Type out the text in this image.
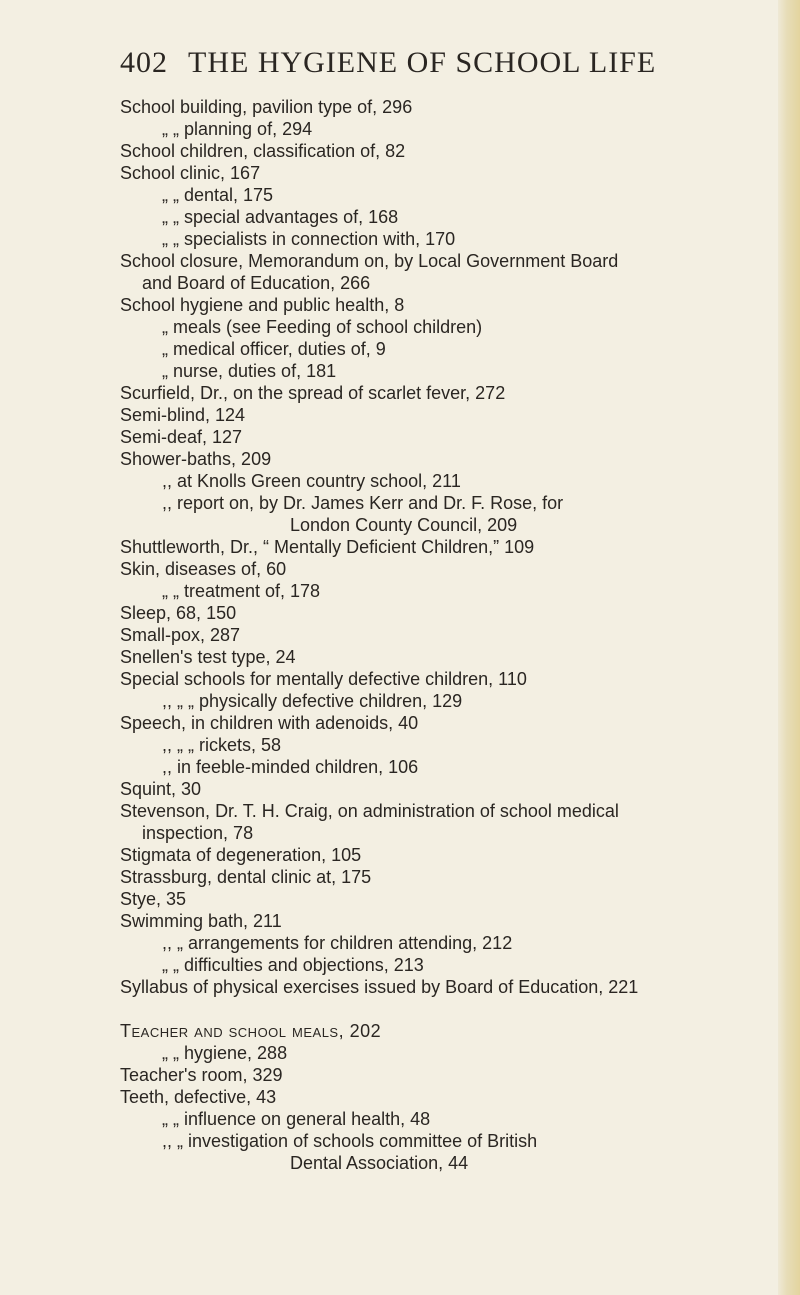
402 THE HYGIENE OF SCHOOL LIFE
School building, pavilion type of, 296
„ „ planning of, 294
School children, classification of, 82
School clinic, 167
„ „ dental, 175
„ „ special advantages of, 168
„ „ specialists in connection with, 170
School closure, Memorandum on, by Local Government Board
and Board of Education, 266
School hygiene and public health, 8
„ meals (see Feeding of school children)
„ medical officer, duties of, 9
„ nurse, duties of, 181
Scurfield, Dr., on the spread of scarlet fever, 272
Semi-blind, 124
Semi-deaf, 127
Shower-baths, 209
,, at Knolls Green country school, 211
,, report on, by Dr. James Kerr and Dr. F. Rose, for
London County Council, 209
Shuttleworth, Dr., “ Mentally Deficient Children,” 109
Skin, diseases of, 60
„ „ treatment of, 178
Sleep, 68, 150
Small-pox, 287
Snellen's test type, 24
Special schools for mentally defective children, 110
,, „ „ physically defective children, 129
Speech, in children with adenoids, 40
,, „ „ rickets, 58
,, in feeble-minded children, 106
Squint, 30
Stevenson, Dr. T. H. Craig, on administration of school medical
inspection, 78
Stigmata of degeneration, 105
Strassburg, dental clinic at, 175
Stye, 35
Swimming bath, 211
,, „ arrangements for children attending, 212
„ „ difficulties and objections, 213
Syllabus of physical exercises issued by Board of Education, 221
Teacher and school meals, 202
„ „ hygiene, 288
Teacher's room, 329
Teeth, defective, 43
„ „ influence on general health, 48
,, „ investigation of schools committee of British
Dental Association, 44
